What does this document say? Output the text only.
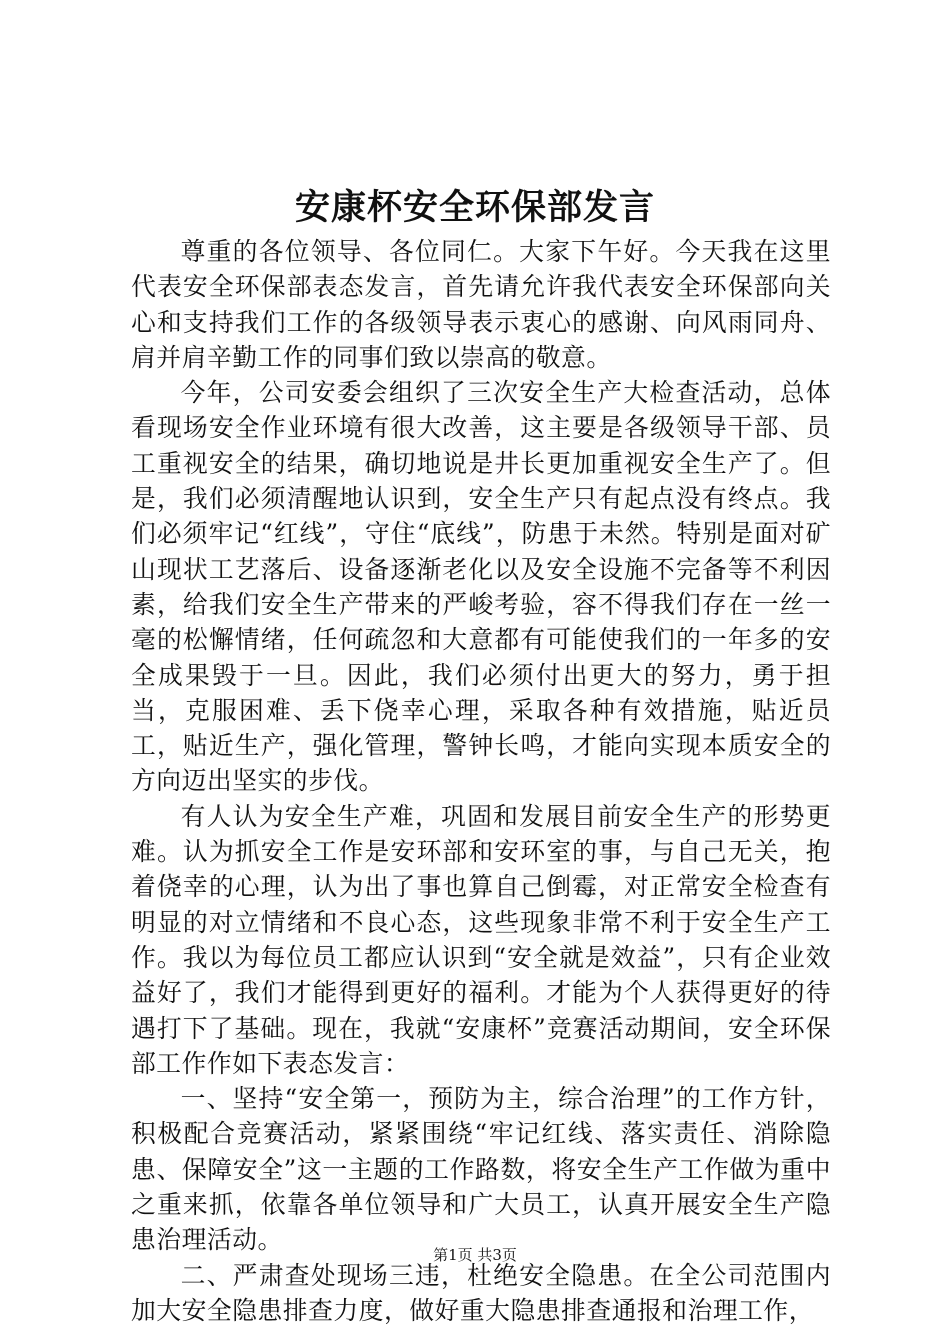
安康杯安全环保部发言

尊重的各位领导、各位同仁。大家下午好。今天我在这里代表安全环保部表态发言，首先请允许我代表安全环保部向关心和支持我们工作的各级领导表示衷心的感谢、向风雨同舟、肩并肩辛勤工作的同事们致以崇高的敬意。

今年，公司安委会组织了三次安全生产大检查活动，总体看现场安全作业环境有很大改善，这主要是各级领导干部、员工重视安全的结果，确切地说是井长更加重视安全生产了。但是，我们必须清醒地认识到，安全生产只有起点没有终点。我们必须牢记“红线”，守住“底线”，防患于未然。特别是面对矿山现状工艺落后、设备逐渐老化以及安全设施不完备等不利因素，给我们安全生产带来的严峻考验，容不得我们存在一丝一毫的松懈情绪，任何疏忽和大意都有可能使我们的一年多的安全成果毁于一旦。因此，我们必须付出更大的努力，勇于担当，克服困难、丢下侥幸心理，采取各种有效措施，贴近员工，贴近生产，强化管理，警钟长鸣，才能向实现本质安全的方向迈出坚实的步伐。

有人认为安全生产难，巩固和发展目前安全生产的形势更难。认为抓安全工作是安环部和安环室的事，与自己无关，抱着侥幸的心理，认为出了事也算自己倒霉，对正常安全检查有明显的对立情绪和不良心态，这些现象非常不利于安全生产工作。我以为每位员工都应认识到“安全就是效益”，只有企业效益好了，我们才能得到更好的福利。才能为个人获得更好的待遇打下了基础。现在，我就“安康杯”竞赛活动期间，安全环保部工作作如下表态发言：

一、坚持“安全第一，预防为主，综合治理”的工作方针，积极配合竞赛活动，紧紧围绕“牢记红线、落实责任、消除隐患、保障安全”这一主题的工作路数，将安全生产工作做为重中之重来抓，依靠各单位领导和广大员工，认真开展安全生产隐患治理活动。

二、严肃查处现场三违，杜绝安全隐患。在全公司范围内加大安全隐患排查力度，做好重大隐患排查通报和治理工作，

第1页 共3页
